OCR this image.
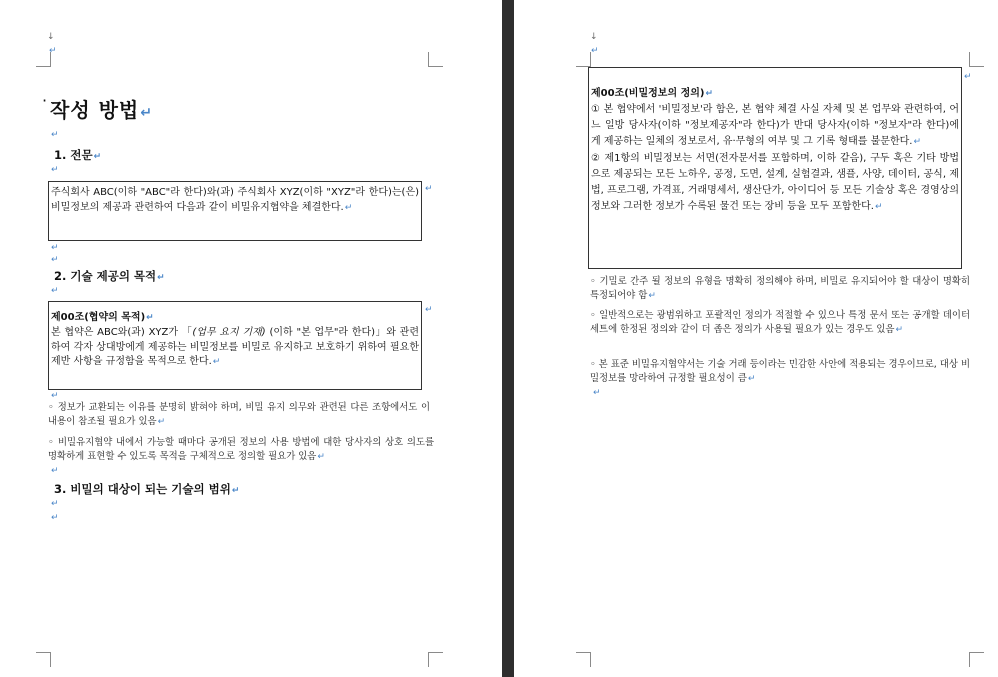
↓
↵
· 작성 방법↵
↵
1. 전문↵
↵
주식회사 ABC(이하 "ABC"라 한다)와(과) 주식회사 XYZ(이하 "XYZ"라 한다)는(은) 비밀정보의 제공과 관련하여 다음과 같이 비밀유지협약을 체결한다.↵
↵
↵
↵
2. 기술 제공의 목적↵
↵
제00조(협약의 목적)↵
본 협약은 ABC와(과) XYZ가 「(업무 요지 기재) (이하 "본 업무"라 한다)」와 관련하여 각자 상대방에게 제공하는 비밀정보를 비밀로 유지하고 보호하기 위하여 필요한 제반 사항을 규정함을 목적으로 한다.↵
↵
↵
◦ 정보가 교환되는 이유를 분명히 밝혀야 하며, 비밀 유지 의무와 관련된 다른 조항에서도 이 내용이 참조될 필요가 있음↵
◦ 비밀유지협약 내에서 가능할 때마다 공개된 정보의 사용 방법에 대한 당사자의 상호 의도를 명확하게 표현할 수 있도록 목적을 구체적으로 정의할 필요가 있음↵
↵
3. 비밀의 대상이 되는 기술의 범위↵
↵
↵
↓
↵
제00조(비밀정보의 정의)↵
① 본 협약에서 '비밀정보'라 함은, 본 협약 체결 사실 자체 및 본 업무와 관련하여, 어느 일방 당사자(이하 "정보제공자"라 한다)가 반대 당사자(이하 "정보자"라 한다)에게 제공하는 일체의 정보로서, 유·무형의 여부 및 그 기록 형태를 불문한다.↵
② 제1항의 비밀정보는 서면(전자문서를 포함하며, 이하 같음), 구두 혹은 기타 방법으로 제공되는 모든 노하우, 공정, 도면, 설계, 실험결과, 샘플, 사양, 데이터, 공식, 제법, 프로그램, 가격표, 거래명세서, 생산단가, 아이디어 등 모든 기술상 혹은 경영상의 정보와 그러한 정보가 수록된 물건 또는 장비 등을 모두 포함한다.↵
↵
◦ 기밀로 간주 될 정보의 유형을 명확히 정의해야 하며, 비밀로 유지되어야 할 대상이 명확히 특정되어야 함↵
◦ 일반적으로는 광범위하고 포괄적인 정의가 적절할 수 있으나 특정 문서 또는 공개할 데이터 세트에 한정된 정의와 같이 더 좁은 정의가 사용될 필요가 있는 경우도 있음↵
◦ 본 표준 비밀유지협약서는 기술 거래 등이라는 민감한 사안에 적용되는 경우이므로, 대상 비밀정보를 망라하여 규정할 필요성이 큼↵
↵
